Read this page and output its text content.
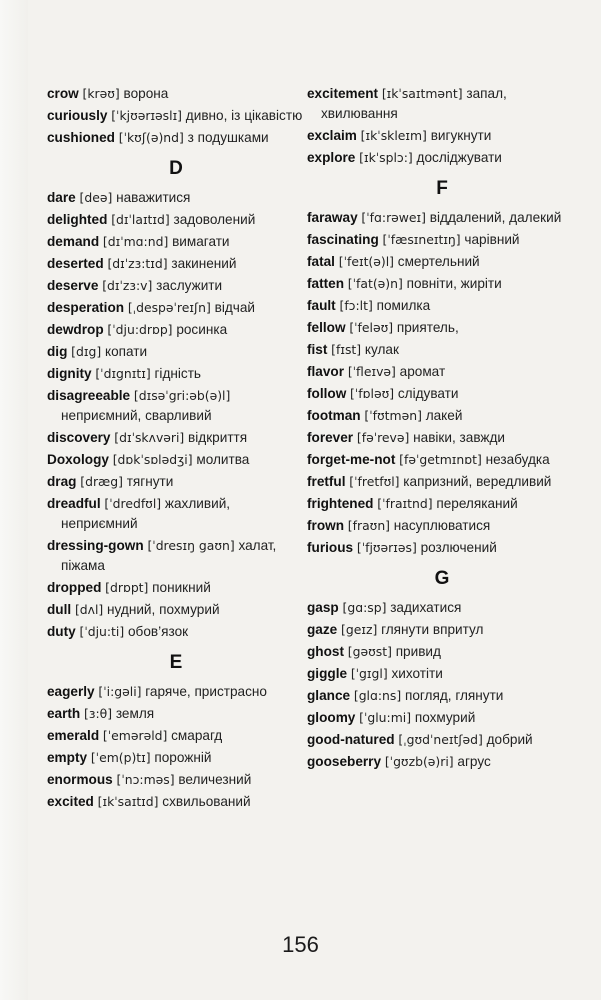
crow [krəʊ] ворона
curiously [ˈkjʊərɪəslɪ] дивно, із цікавістю
cushioned [ˈkʊʃ(ə)nd] з подушками
D
dare [deə] наважитися
delighted [dɪˈlaɪtɪd] задоволений
demand [dɪˈmɑ:nd] вимагати
deserted [dɪˈzɜ:tɪd] закинений
deserve [dɪˈzɜ:v] заслужити
desperation [ˌdespəˈreɪʃn] відчай
dewdrop [ˈdju:drɒp] росинка
dig [dɪg] копати
dignity [ˈdɪgnɪtɪ] гідність
disagreeable [dɪsəˈgri:əb(ə)l] неприємний, сварливий
discovery [dɪˈskʌvəri] відкриття
Doxology [dɒkˈsɒlədʒi] молитва
drag [dræg] тягнути
dreadful [ˈdredfʊl] жахливий, неприємний
dressing-gown [ˈdresɪŋ gaʊn] халат, піжама
dropped [drɒpt] поникний
dull [dʌl] нудний, похмурий
duty [ˈdju:ti] обов’язок
E
eagerly [ˈi:gəli] гаряче, пристрасно
earth [ɜ:θ] земля
emerald [ˈemərəld] смарагд
empty [ˈem(p)tɪ] порожній
enormous [ˈnɔ:məs] величезний
excited [ɪkˈsaɪtɪd] схвильований
excitement [ɪkˈsaɪtmənt] запал, хвилювання
exclaim [ɪkˈskleɪm] вигукнути
explore [ɪkˈsplɔ:] досліджувати
F
faraway [ˈfɑ:rəweɪ] віддалений, далекий
fascinating [ˈfæsɪneɪtɪŋ] чарівний
fatal [ˈfeɪt(ə)l] смертельний
fatten [ˈfat(ə)n] повніти, жиріти
fault [fɔ:lt] помилка
fellow [ˈfeləʊ] приятель,
fist [fɪst] кулак
flavor [ˈfleɪvə] аромат
follow [ˈfɒləʊ] слідувати
footman [ˈfʊtmən] лакей
forever [fəˈrevə] навіки, завжди
forget-me-not [fəˈgetmɪnɒt] незабудка
fretful [ˈfretfʊl] капризний, вередливий
frightened [ˈfraɪtnd] переляканий
frown [fraʊn] насуплюватися
furious [ˈfjʊərɪəs] розлючений
G
gasp [gɑ:sp] задихатися
gaze [geɪz] глянути впритул
ghost [gəʊst] привид
giggle [ˈgɪgl] хихотіти
glance [glɑ:ns] погляд, глянути
gloomy [ˈglu:mi] похмурий
good-natured [ˌgʊdˈneɪtʃəd] добрий
gooseberry [ˈgʊzb(ə)ri] агрус
156
